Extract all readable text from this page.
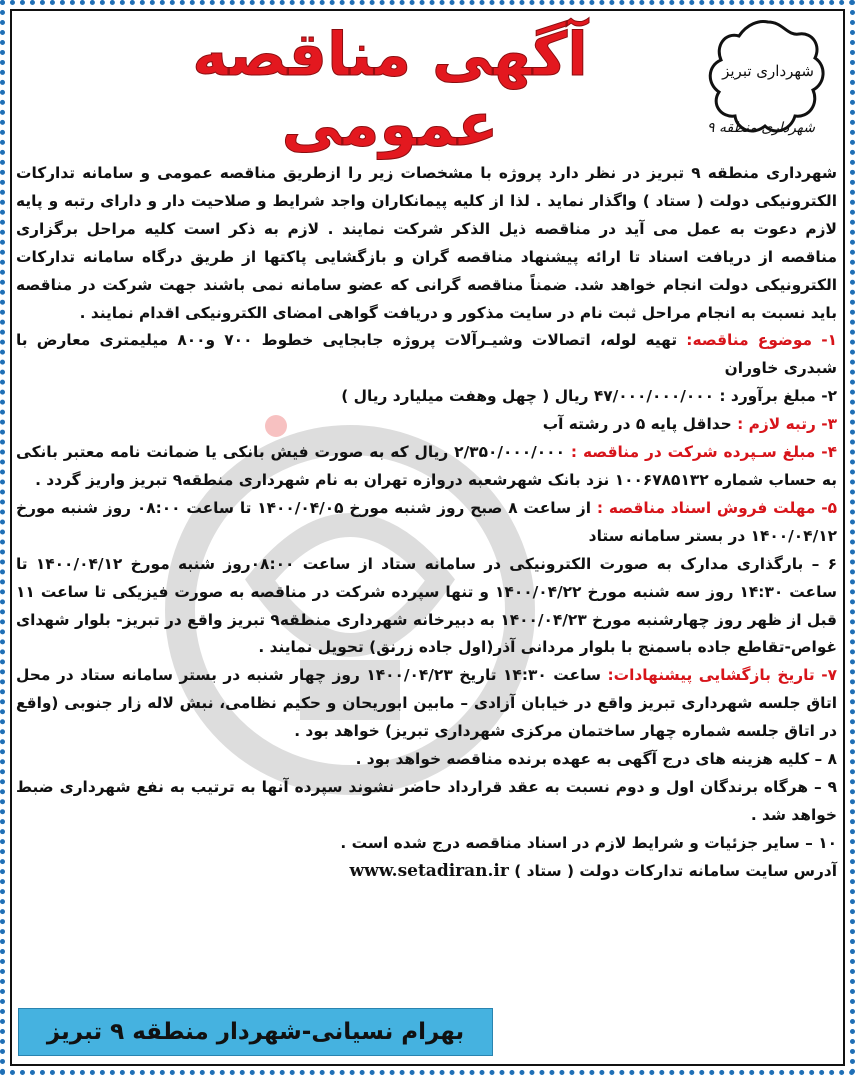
شهرداری تبریز
شهرداری منطقه ۹
آگهی مناقصه عمومی

شهرداری منطقه ۹ تبریز در نظر دارد پروژه با مشخصات زیر را ازطریق مناقصه عمومی و سامانه تدارکات الکترونیکی دولت ( ستاد ) واگذار نماید . لذا از کلیه پیمانکاران واجد شرایط و صلاحیت دار و دارای رتبه و پایه لازم دعوت به عمل می آید در مناقصه ذیل الذکر شرکت نمایند . لازم به ذکر است کلیه مراحل برگزاری مناقصه از دریافت اسناد تا ارائه پیشنهاد مناقصه گران و بازگشایی پاکتها از طریق درگاه سامانه تدارکات الکترونیکی دولت انجام خواهد شد. ضمناً مناقصه گرانی که عضو سامانه نمی باشند جهت شرکت در مناقصه باید نسبت به انجام مراحل ثبت نام در سایت مذکور و دریافت گواهی امضای الکترونیکی اقدام نمایند .

۱- موضوع مناقصه: تهیه لوله، اتصالات وشیـرآلات پروژه جابجایی خطوط ۷۰۰ و۸۰۰ میلیمتری معارض با شبدری خاوران

۲- مبلغ برآورد : ۴۷/۰۰۰/۰۰۰/۰۰۰ ریال ( چهل وهفت میلیارد ریال )

۳- رتبه لازم : حداقل پایه ۵ در رشته آب

۴- مبلغ سـپرده شرکت در مناقصه : ۲/۳۵۰/۰۰۰/۰۰۰ ریال که به صورت فیش بانکی یا ضمانت نامه معتبر بانکی به حساب شماره ۱۰۰۶۷۸۵۱۳۲ نزد بانک شهرشعبه دروازه تهران به نام شهرداری منطقه۹ تبریز واریز گردد .

۵- مهلت فروش اسناد مناقصه : از ساعت ۸ صبح روز شنبه مورخ ۱۴۰۰/۰۴/۰۵ تا ساعت ۰۸:۰۰ روز شنبه مورخ ۱۴۰۰/۰۴/۱۲ در بستر سامانه ستاد

۶ – بارگذاری مدارک به صورت الکترونیکی در سامانه ستاد از ساعت ۰۸:۰۰روز شنبه مورخ ۱۴۰۰/۰۴/۱۲ تا ساعت ۱۴:۳۰ روز سه شنبه مورخ ۱۴۰۰/۰۴/۲۲ و تنها سپرده شرکت در مناقصه به صورت فیزیکی تا ساعت ۱۱ قبل از ظهر روز چهارشنبه مورخ ۱۴۰۰/۰۴/۲۳ به دبیرخانه شهرداری منطقه۹ تبریز واقع در تبریز- بلوار شهدای غواص-تقاطع جاده باسمنج با بلوار مردانی آذر(اول جاده زرنق) تحویل نمایند .

۷- تاریخ بازگشایی پیشنهادات: ساعت ۱۴:۳۰ تاریخ ۱۴۰۰/۰۴/۲۳ روز چهار شنبه در بستر سامانه ستاد در محل اتاق جلسه شهرداری تبریز واقع در خیابان آزادی – مابین ابوریحان و حکیم نظامی، نبش لاله زار جنوبی (واقع در اتاق جلسه شماره چهار ساختمان مرکزی شهرداری تبریز) خواهد بود .

۸ – کلیه هزینه های درج آگهی به عهده برنده مناقصه خواهد بود .

۹ – هرگاه برندگان اول و دوم نسبت به عقد قرارداد حاضر نشوند سپرده آنها به ترتیب به نفع شهرداری ضبط خواهد شد .

۱۰ – سایر جزئیات و شرایط لازم در اسناد مناقصه درج شده است .

آدرس سایت سامانه تدارکات دولت ( ستاد ) www.setadiran.ir

بهرام نسیانی-شهردار منطقه ۹ تبریز
